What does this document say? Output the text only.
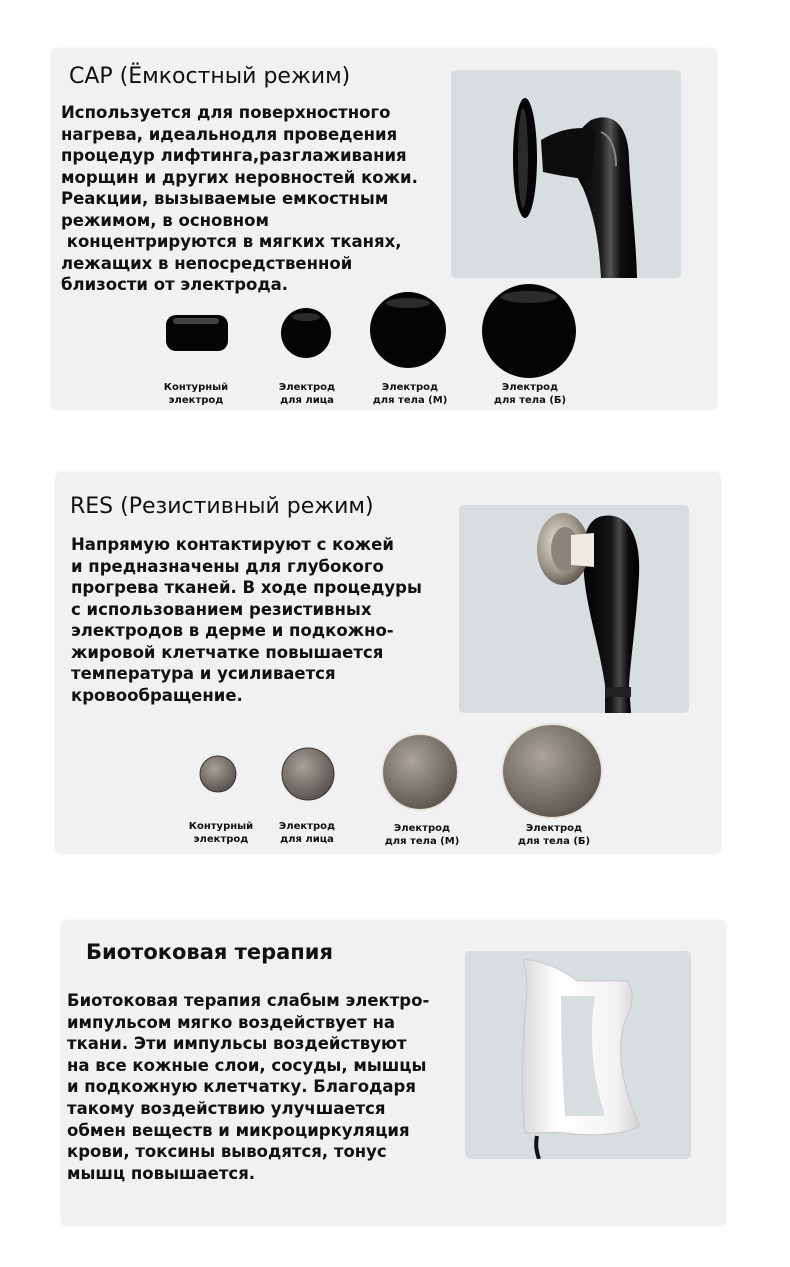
CAP (Ёмкостный режим)
Используется для поверхностного
нагрева, идеальнодля проведения
процедур лифтинга,разглаживания
морщин и других неровностей кожи.
Реакции, вызываемые емкостным
режимом, в основном
концентрируются в мягких тканях,
лежащих в непосредственной
близости от электрода.
Контурный
электрод
Электрод
для лица
Электрод
для тела (М)
Электрод
для тела (Б)
RES (Резистивный режим)
Напрямую контактируют с кожей
и предназначены для глубокого
прогрева тканей. В ходе процедуры
с использованием резистивных
электродов в дерме и подкожно-
жировой клетчатке повышается
температура и усиливается
кровообращение.
Контурный
электрод
Электрод
для лица
Электрод
для тела (М)
Электрод
для тела (Б)
Биотоковая терапия
Биотоковая терапия слабым электро-
импульсом мягко воздействует на
ткани. Эти импульсы воздействуют
на все кожные слои, сосуды, мышцы
и подкожную клетчатку. Благодаря
такому воздействию улучшается
обмен веществ и микроциркуляция
крови, токсины выводятся, тонус
мышц повышается.
